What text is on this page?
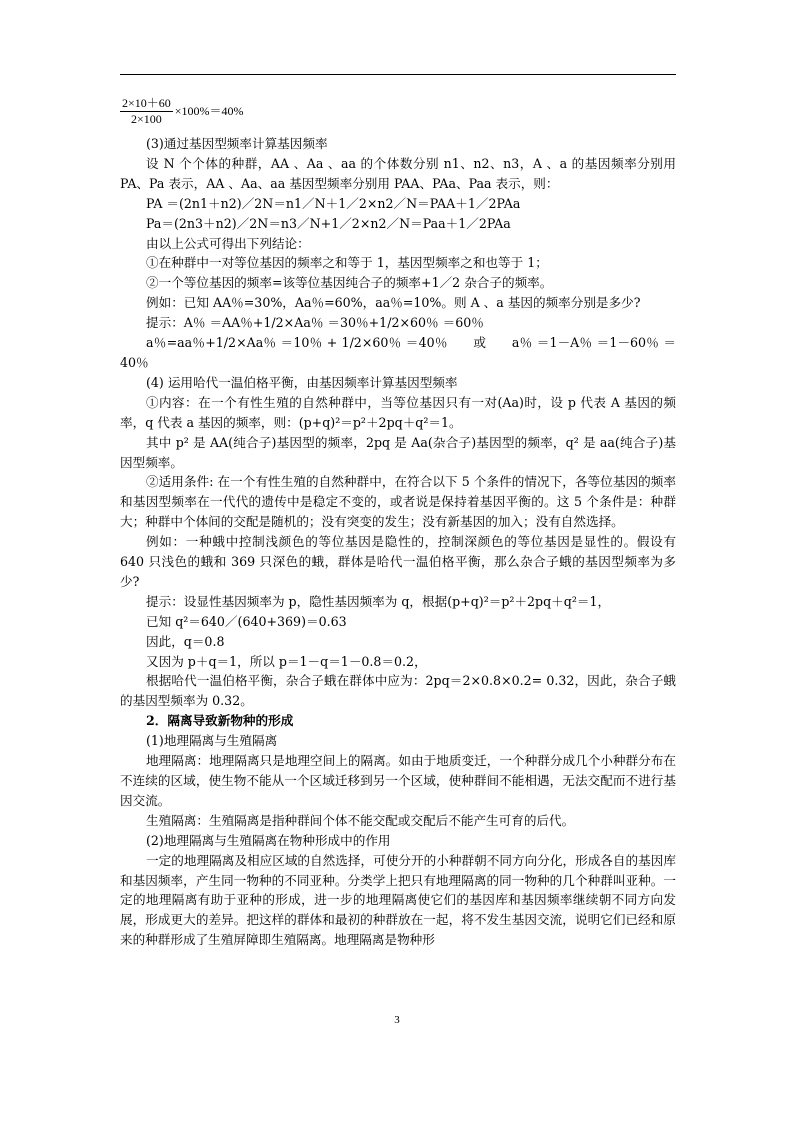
$\frac{2\times 10+60}{2\times 100} \times 100\%=40\%$

(3)通过基因型频率计算基因频率

设 N 个个体的种群，AA 、Aa 、aa 的个体数分别 n1、n2、n3，A 、a 的基因频率分别用 PA、Pa 表示，AA 、Aa、aa 基因型频率分别用 PAA、PAa、Paa 表示，则：

PA ＝(2n1＋n2)／2N＝n1／N＋1／2×n2／N＝PAA＋1／2PAa

Pa＝(2n3＋n2)／2N＝n3／N+1／2×n2／N＝Paa＋1／2PAa

由以上公式可得出下列结论：

①在种群中一对等位基因的频率之和等于 1，基因型频率之和也等于 1；

②一个等位基因的频率=该等位基因纯合子的频率+1／2 杂合子的频率。

例如：已知 AA％=30%，Aa％=60%，aa％=10%。则 A 、a 基因的频率分别是多少?

提示：A％ ＝AA％+1/2×Aa％ ＝30％+1/2×60％ ＝60％

a％=aa％+1/2×Aa％ ＝10％ + 1/2×60％ ＝40％　　或　　a％ ＝1－A％ ＝1－60％ ＝40％

(4) 运用哈代一温伯格平衡，由基因频率计算基因型频率

①内容：在一个有性生殖的自然种群中，当等位基因只有一对(Aa)时，设 p 代表 A 基因的频率，q 代表 a 基因的频率，则：(p+q)²＝p²＋2pq＋q²＝1。

其中 p² 是 AA(纯合子)基因型的频率，2pq 是 Aa(杂合子)基因型的频率，q² 是 aa(纯合子)基因型频率。

②适用条件: 在一个有性生殖的自然种群中，在符合以下 5 个条件的情况下，各等位基因的频率和基因型频率在一代代的遗传中是稳定不变的，或者说是保持着基因平衡的。这 5 个条件是：种群大；种群中个体间的交配是随机的；没有突变的发生；没有新基因的加入；没有自然选择。

例如：一种蛾中控制浅颜色的等位基因是隐性的，控制深颜色的等位基因是显性的。假设有 640 只浅色的蛾和 369 只深色的蛾，群体是哈代一温伯格平衡，那么杂合子蛾的基因型频率为多少?

提示：设显性基因频率为 p，隐性基因频率为 q，根据(p+q)²＝p²＋2pq＋q²＝1，

已知 q²＝640／(640+369)＝0.63

因此，q＝0.8

又因为 p＋q＝1，所以 p＝1－q＝1－0.8＝0.2，

根据哈代一温伯格平衡，杂合子蛾在群体中应为：2pq＝2×0.8×0.2= 0.32，因此，杂合子蛾的基因型频率为 0.32。

2．隔离导致新物种的形成

(1)地理隔离与生殖隔离

地理隔离：地理隔离只是地理空间上的隔离。如由于地质变迁，一个种群分成几个小种群分布在不连续的区域，使生物不能从一个区域迁移到另一个区域，使种群间不能相遇，无法交配而不进行基因交流。

生殖隔离：生殖隔离是指种群间个体不能交配或交配后不能产生可育的后代。

(2)地理隔离与生殖隔离在物种形成中的作用

一定的地理隔离及相应区域的自然选择，可使分开的小种群朝不同方向分化，形成各自的基因库和基因频率，产生同一物种的不同亚种。分类学上把只有地理隔离的同一物种的几个种群叫亚种。一定的地理隔离有助于亚种的形成，进一步的地理隔离使它们的基因库和基因频率继续朝不同方向发展，形成更大的差异。把这样的群体和最初的种群放在一起，将不发生基因交流，说明它们已经和原来的种群形成了生殖屏障即生殖隔离。地理隔离是物种形

3
